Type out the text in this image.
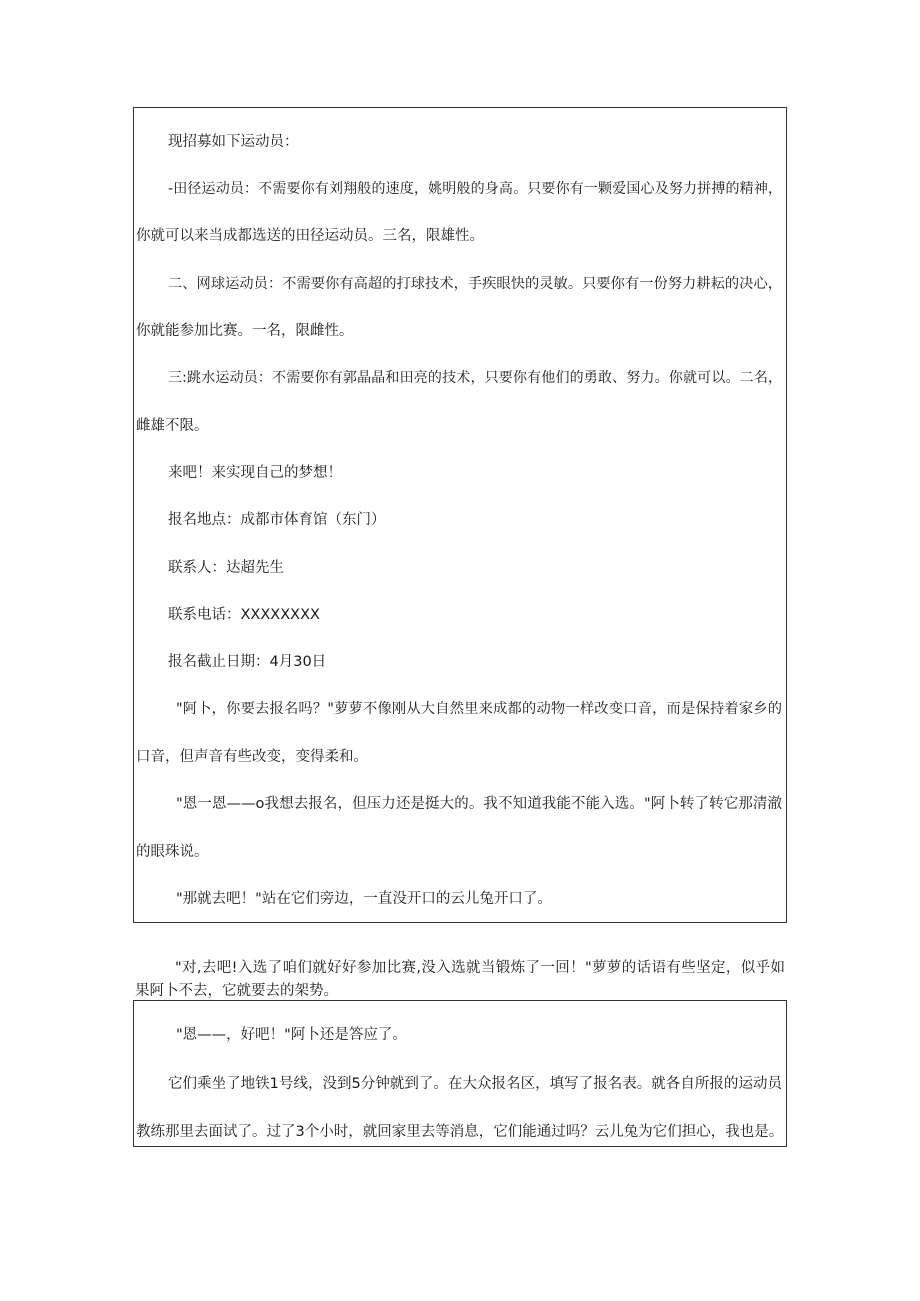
现招募如下运动员：
-田径运动员：不需要你有刘翔般的速度，姚明般的身高。只要你有一颗爱国心及努力拼搏的精神，
你就可以来当成都选送的田径运动员。三名，限雄性。
二、网球运动员：不需要你有高超的打球技术，手疾眼快的灵敏。只要你有一份努力耕耘的决心，
你就能参加比赛。一名，限雌性。
三:跳水运动员：不需要你有郭晶晶和田亮的技术，只要你有他们的勇敢、努力。你就可以。二名，
雌雄不限。
来吧！来实现自己的梦想！
报名地点：成都市体育馆（东门）
联系人：达超先生
联系电话：XXXXXXXX
报名截止日期：4月30日
"阿卜，你要去报名吗？"萝萝不像刚从大自然里来成都的动物一样改变口音，而是保持着家乡的
口音，但声音有些改变，变得柔和。
"恩一恩——o我想去报名，但压力还是挺大的。我不知道我能不能入选。"阿卜转了转它那清澈
的眼珠说。
"那就去吧！"站在它们旁边，一直没开口的云儿兔开口了。
"对,去吧!入选了咱们就好好参加比赛,没入选就当锻炼了一回！"萝萝的话语有些坚定，似乎如
果阿卜不去，它就要去的架势。
"恩——，好吧！"阿卜还是答应了。
它们乘坐了地铁1号线，没到5分钟就到了。在大众报名区，填写了报名表。就各自所报的运动员
教练那里去面试了。过了3个小时，就回家里去等消息，它们能通过吗？云儿兔为它们担心，我也是。
